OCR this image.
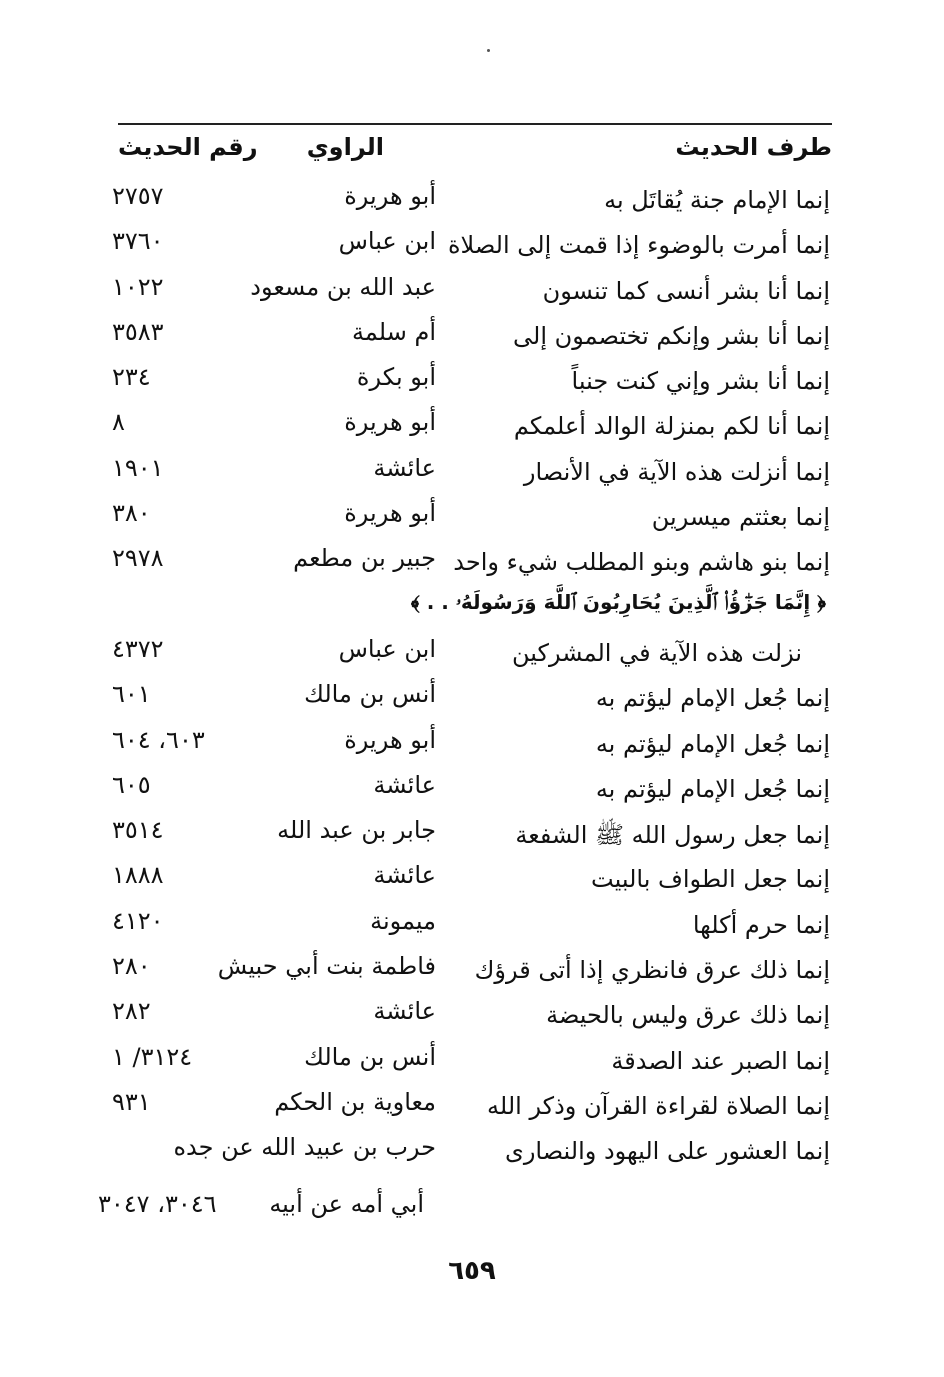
طرف الحديث
الراوي
رقم الحديث
إنما الإمام جنة يُقاتَل به
أبو هريرة
٢٧٥٧
إنما أمرت بالوضوء إذا قمت إلى الصلاة
ابن عباس
٣٧٦٠
إنما أنا بشر أنسى كما تنسون
عبد الله بن مسعود
١٠٢٢
إنما أنا بشر وإنكم تختصمون إلى
أم سلمة
٣٥٨٣
إنما أنا بشر وإني كنت جنباً
أبو بكرة
٢٣٤
إنما أنا لكم بمنزلة الوالد أعلمكم
أبو هريرة
٨
إنما أنزلت هذه الآية في الأنصار
عائشة
١٩٠١
إنما بعثتم ميسرين
أبو هريرة
٣٨٠
إنما بنو هاشم وبنو المطلب شيء واحد
جبير بن مطعم
٢٩٧٨
﴿ إِنَّمَا جَزَٰٓؤُا۟ ٱلَّذِينَ يُحَارِبُونَ ٱللَّهَ وَرَسُولَهُۥ . . ﴾
نزلت هذه الآية في المشركين
ابن عباس
٤٣٧٢
إنما جُعل الإمام ليؤتم به
أنس بن مالك
٦٠١
إنما جُعل الإمام ليؤتم به
أبو هريرة
٦٠٣، ٦٠٤
إنما جُعل الإمام ليؤتم به
عائشة
٦٠٥
إنما جعل رسول الله ﷺ الشفعة
جابر بن عبد الله
٣٥١٤
إنما جعل الطواف بالبيت
عائشة
١٨٨٨
إنما حرم أكلها
ميمونة
٤١٢٠
إنما ذلك عرق فانظري إذا أتى قرؤك
فاطمة بنت أبي حبيش
٢٨٠
إنما ذلك عرق وليس بالحيضة
عائشة
٢٨٢
إنما الصبر عند الصدقة
أنس بن مالك
٣١٢٤/ ١
إنما الصلاة لقراءة القرآن وذكر الله
معاوية بن الحكم
٩٣١
إنما العشور على اليهود والنصارى
حرب بن عبيد الله عن جده
أبي أمه عن أبيه
٣٠٤٦، ٣٠٤٧
٦٥٩
